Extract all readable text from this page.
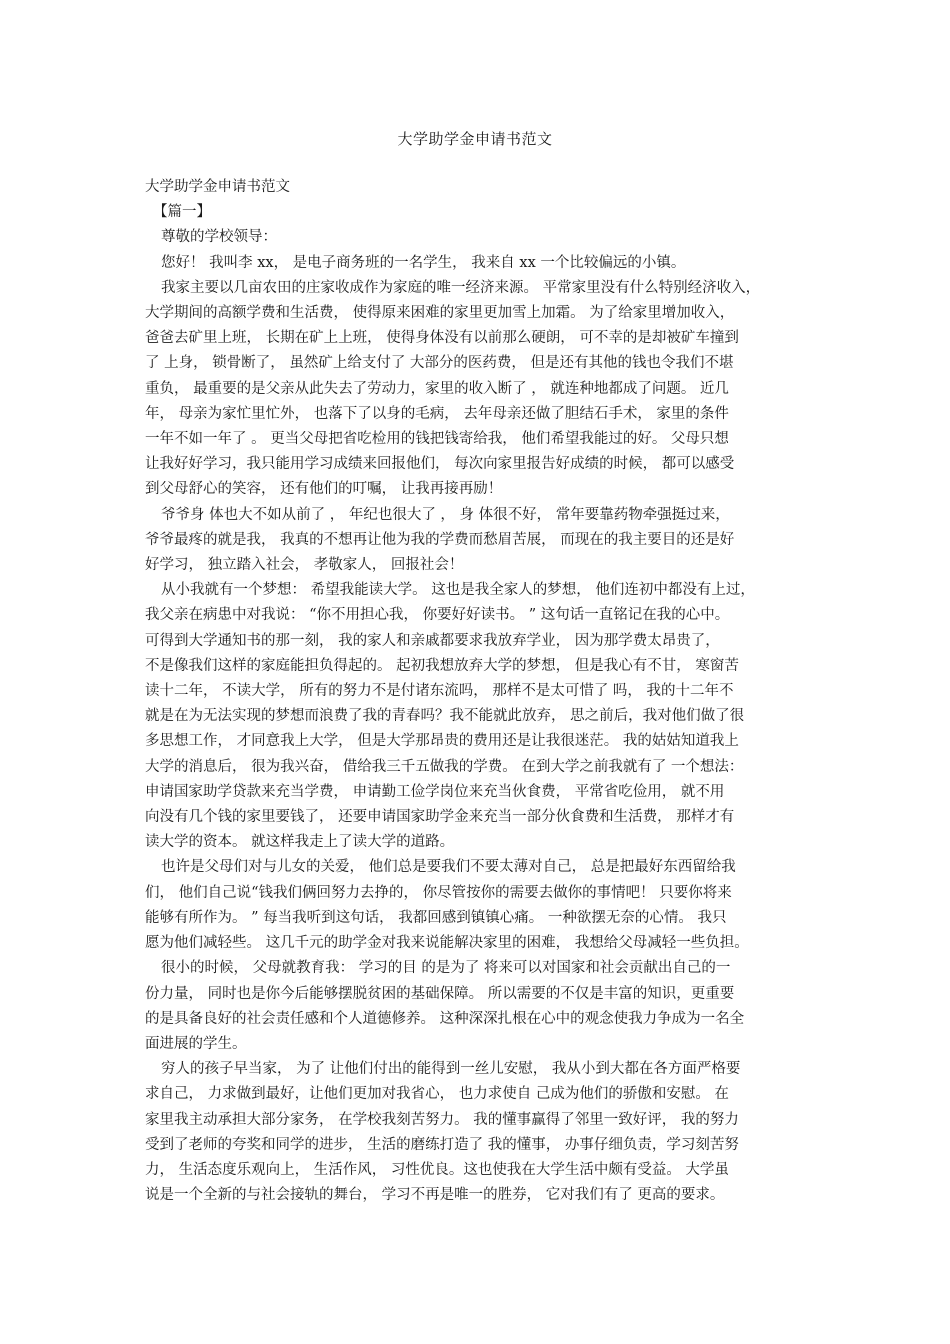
大学助学金申请书范文

大学助学金申请书范文

【篇一】

尊敬的学校领导：

您好！ 我叫李 xx， 是电子商务班的一名学生， 我来自 xx 一个比较偏远的小镇。

我家主要以几亩农田的庄家收成作为家庭的唯一经济来源。 平常家里没有什么特别经济收入，

大学期间的高额学费和生活费， 使得原来困难的家里更加雪上加霜。 为了给家里增加收入，

爸爸去矿里上班， 长期在矿上上班， 使得身体没有以前那么硬朗， 可不幸的是却被矿车撞到

了 上身， 锁骨断了， 虽然矿上给支付了 大部分的医药费， 但是还有其他的钱也令我们不堪

重负， 最重要的是父亲从此失去了劳动力，家里的收入断了 ， 就连种地都成了问题。 近几

年， 母亲为家忙里忙外， 也落下了以身的毛病， 去年母亲还做了胆结石手术， 家里的条件

一年不如一年了 。 更当父母把省吃检用的钱把钱寄给我， 他们希望我能过的好。 父母只想

让我好好学习，我只能用学习成绩来回报他们， 每次向家里报告好成绩的时候， 都可以感受

到父母舒心的笑容， 还有他们的叮嘱， 让我再接再励！

爷爷身 体也大不如从前了 ， 年纪也很大了 ， 身 体很不好， 常年要靠药物牵强挺过来，

爷爷最疼的就是我， 我真的不想再让他为我的学费而愁眉苦展， 而现在的我主要目的还是好

好学习， 独立踏入社会， 孝敬家人， 回报社会！

从小我就有一个梦想： 希望我能读大学。 这也是我全家人的梦想， 他们连初中都没有上过，

我父亲在病患中对我说： “你不用担心我， 你要好好读书。 ” 这句话一直铭记在我的心中。

可得到大学通知书的那一刻， 我的家人和亲戚都要求我放弃学业， 因为那学费太昂贵了，

不是像我们这样的家庭能担负得起的。 起初我想放弃大学的梦想， 但是我心有不甘， 寒窗苦

读十二年， 不读大学， 所有的努力不是付诸东流吗， 那样不是太可惜了 吗， 我的十二年不

就是在为无法实现的梦想而浪费了我的青春吗？我不能就此放弃， 思之前后，我对他们做了很

多思想工作， 才同意我上大学， 但是大学那昂贵的费用还是让我很迷茫。 我的姑姑知道我上

大学的消息后， 很为我兴奋， 借给我三千五做我的学费。 在到大学之前我就有了 一个想法：

申请国家助学贷款来充当学费， 申请勤工俭学岗位来充当伙食费， 平常省吃俭用， 就不用

向没有几个钱的家里要钱了， 还要申请国家助学金来充当一部分伙食费和生活费， 那样才有

读大学的资本。 就这样我走上了读大学的道路。

也许是父母们对与儿女的关爱， 他们总是要我们不要太薄对自己， 总是把最好东西留给我

们， 他们自己说“钱我们俩回努力去挣的， 你尽管按你的需要去做你的事情吧！ 只要你将来

能够有所作为。 ” 每当我听到这句话， 我都回感到镇镇心痛。 一种欲摆无奈的心情。 我只

愿为他们减轻些。 这几千元的助学金对我来说能解决家里的困难， 我想给父母减轻一些负担。

很小的时候， 父母就教育我： 学习的目 的是为了 将来可以对国家和社会贡献出自己的一

份力量， 同时也是你今后能够摆脱贫困的基础保障。 所以需要的不仅是丰富的知识，更重要

的是具备良好的社会责任感和个人道德修养。 这种深深扎根在心中的观念使我力争成为一名全

面进展的学生。

穷人的孩子早当家， 为了 让他们付出的能得到一丝儿安慰， 我从小到大都在各方面严格要

求自己， 力求做到最好，让他们更加对我省心， 也力求使自 己成为他们的骄傲和安慰。 在

家里我主动承担大部分家务， 在学校我刻苦努力。 我的懂事赢得了邻里一致好评， 我的努力

受到了老师的夸奖和同学的进步， 生活的磨练打造了 我的懂事， 办事仔细负责，学习刻苦努

力， 生活态度乐观向上， 生活作风， 习性优良。这也使我在大学生活中颇有受益。 大学虽

说是一个全新的与社会接轨的舞台， 学习不再是唯一的胜券， 它对我们有了 更高的要求。
